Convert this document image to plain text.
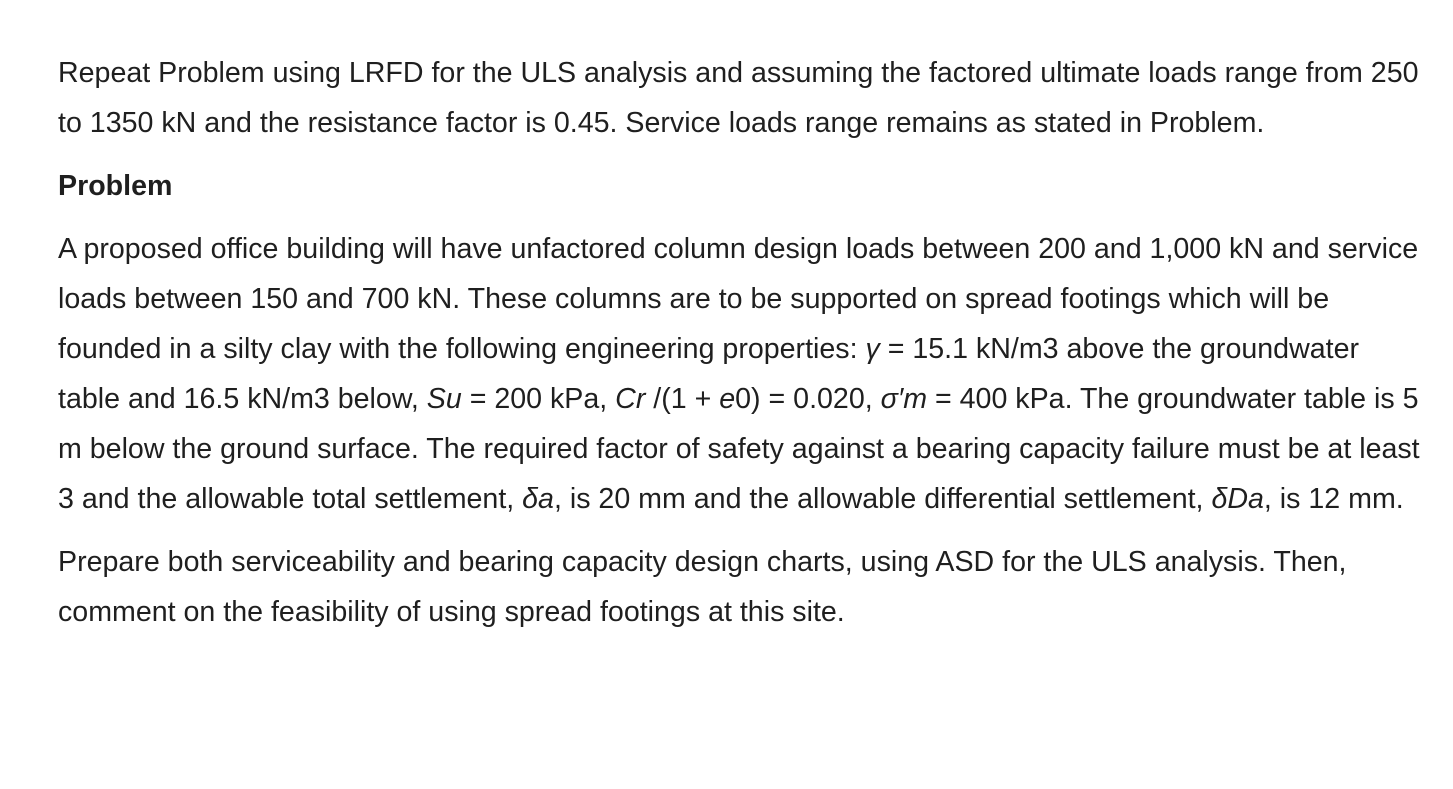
Repeat Problem using LRFD for the ULS analysis and assuming the factored ultimate loads range from 250 to 1350 kN and the resistance factor is 0.45. Service loads range remains as stated in Problem.

Problem

A proposed office building will have unfactored column design loads between 200 and 1,000 kN and service loads between 150 and 700 kN. These columns are to be supported on spread footings which will be founded in a silty clay with the following engineering properties: γ = 15.1 kN/m3 above the groundwater table and 16.5 kN/m3 below, Su = 200 kPa, Cr /(1 + e0) = 0.020, σ′m = 400 kPa. The groundwater table is 5 m below the ground surface. The required factor of safety against a bearing capacity failure must be at least 3 and the allowable total settlement, δa, is 20 mm and the allowable differential settlement, δDa, is 12 mm.

Prepare both serviceability and bearing capacity design charts, using ASD for the ULS analysis. Then, comment on the feasibility of using spread footings at this site.
